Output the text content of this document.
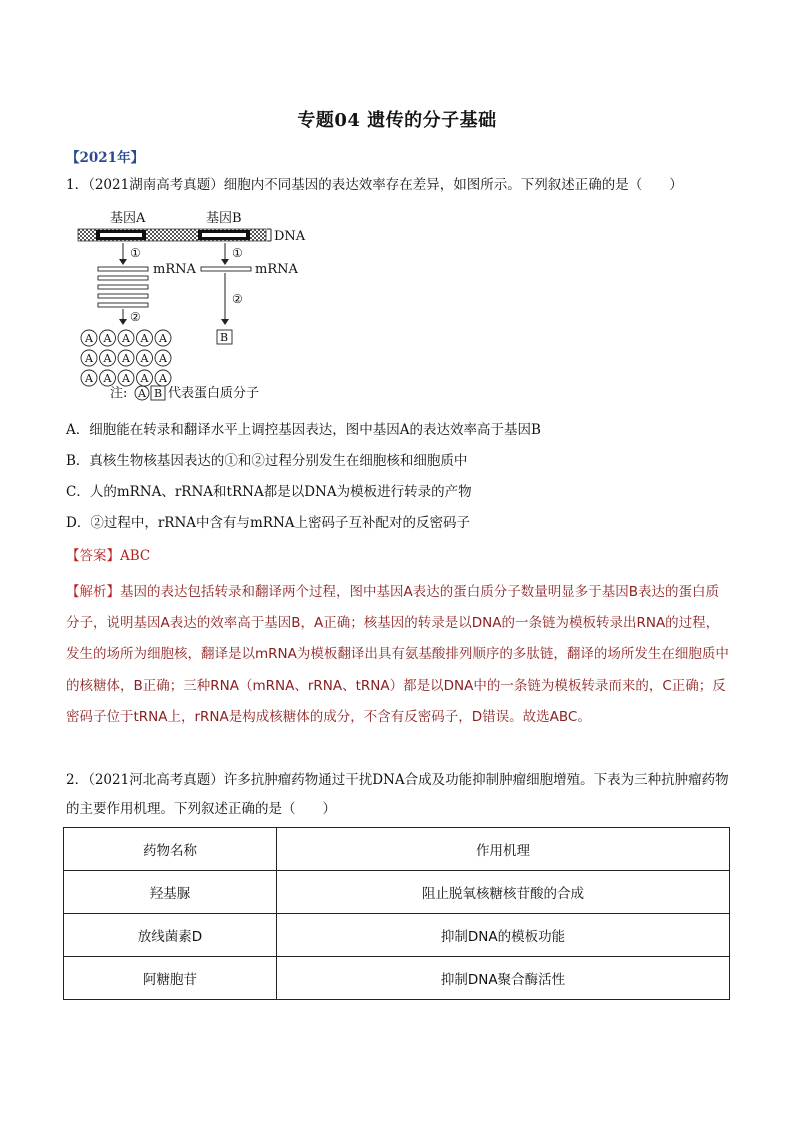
专题04 遗传的分子基础
【2021年】
1．（2021湖南高考真题）细胞内不同基因的表达效率存在差异，如图所示。下列叙述正确的是（　　）
基因A	基因B
DNA
①	①
mRNA	mRNA
②
②
A A A A A
A A A A A
A A A A A
B
注: A B 代表蛋白质分子
A．细胞能在转录和翻译水平上调控基因表达，图中基因A的表达效率高于基因B
B．真核生物核基因表达的①和②过程分别发生在细胞核和细胞质中
C．人的mRNA、rRNA和tRNA都是以DNA为模板进行转录的产物
D．②过程中，rRNA中含有与mRNA上密码子互补配对的反密码子
【答案】ABC
【解析】基因的表达包括转录和翻译两个过程，图中基因A表达的蛋白质分子数量明显多于基因B表达的蛋白质分子，说明基因A表达的效率高于基因B，A正确；核基因的转录是以DNA的一条链为模板转录出RNA的过程，发生的场所为细胞核，翻译是以mRNA为模板翻译出具有氨基酸排列顺序的多肽链，翻译的场所发生在细胞质中的核糖体，B正确；三种RNA（mRNA、rRNA、tRNA）都是以DNA中的一条链为模板转录而来的，C正确；反密码子位于tRNA上，rRNA是构成核糖体的成分，不含有反密码子，D错误。故选ABC。
2．（2021河北高考真题）许多抗肿瘤药物通过干扰DNA合成及功能抑制肿瘤细胞增殖。下表为三种抗肿瘤药物的主要作用机理。下列叙述正确的是（　　）
药物名称	作用机理
羟基脲	阻止脱氧核糖核苷酸的合成
放线菌素D	抑制DNA的模板功能
阿糖胞苷	抑制DNA聚合酶活性
